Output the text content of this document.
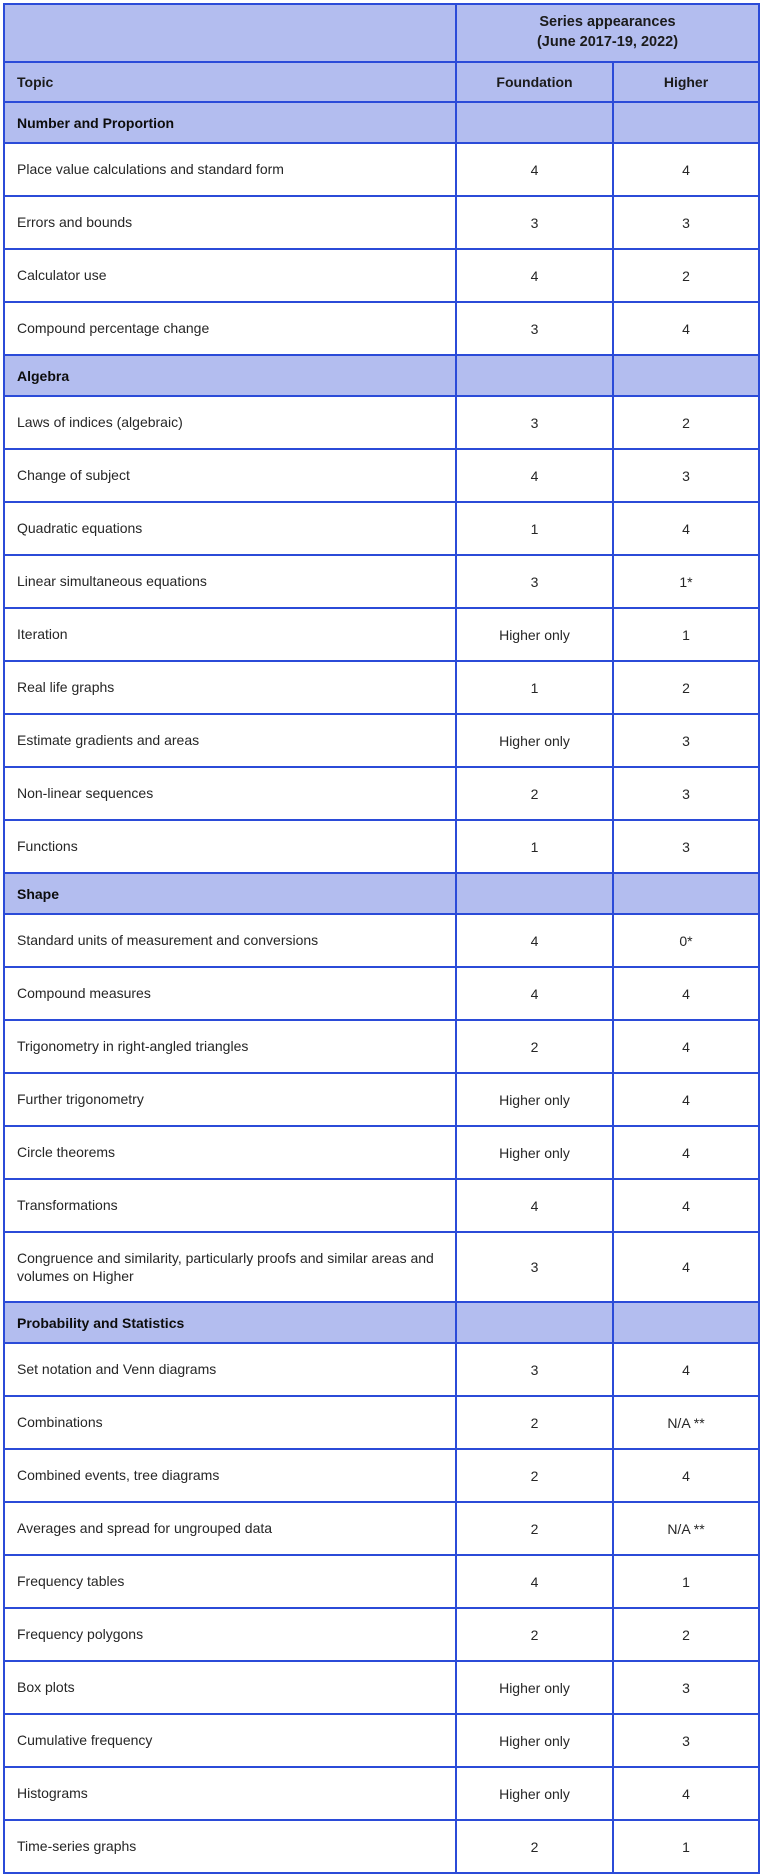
	Series appearances
(June 2017-19, 2022)	
Topic	Foundation	Higher
Number and Proportion		
Place value calculations and standard form	4	4
Errors and bounds	3	3
Calculator use	4	2
Compound percentage change	3	4
Algebra		
Laws of indices (algebraic)	3	2
Change of subject	4	3
Quadratic equations	1	4
Linear simultaneous equations	3	1*
Iteration	Higher only	1
Real life graphs	1	2
Estimate gradients and areas	Higher only	3
Non-linear sequences	2	3
Functions	1	3
Shape		
Standard units of measurement and conversions	4	0*
Compound measures	4	4
Trigonometry in right-angled triangles	2	4
Further trigonometry	Higher only	4
Circle theorems	Higher only	4
Transformations	4	4
Congruence and similarity, particularly proofs and similar areas and volumes on Higher	3	4
Probability and Statistics		
Set notation and Venn diagrams	3	4
Combinations	2	N/A **
Combined events, tree diagrams	2	4
Averages and spread for ungrouped data	2	N/A **
Frequency tables	4	1
Frequency polygons	2	2
Box plots	Higher only	3
Cumulative frequency	Higher only	3
Histograms	Higher only	4
Time-series graphs	2	1
